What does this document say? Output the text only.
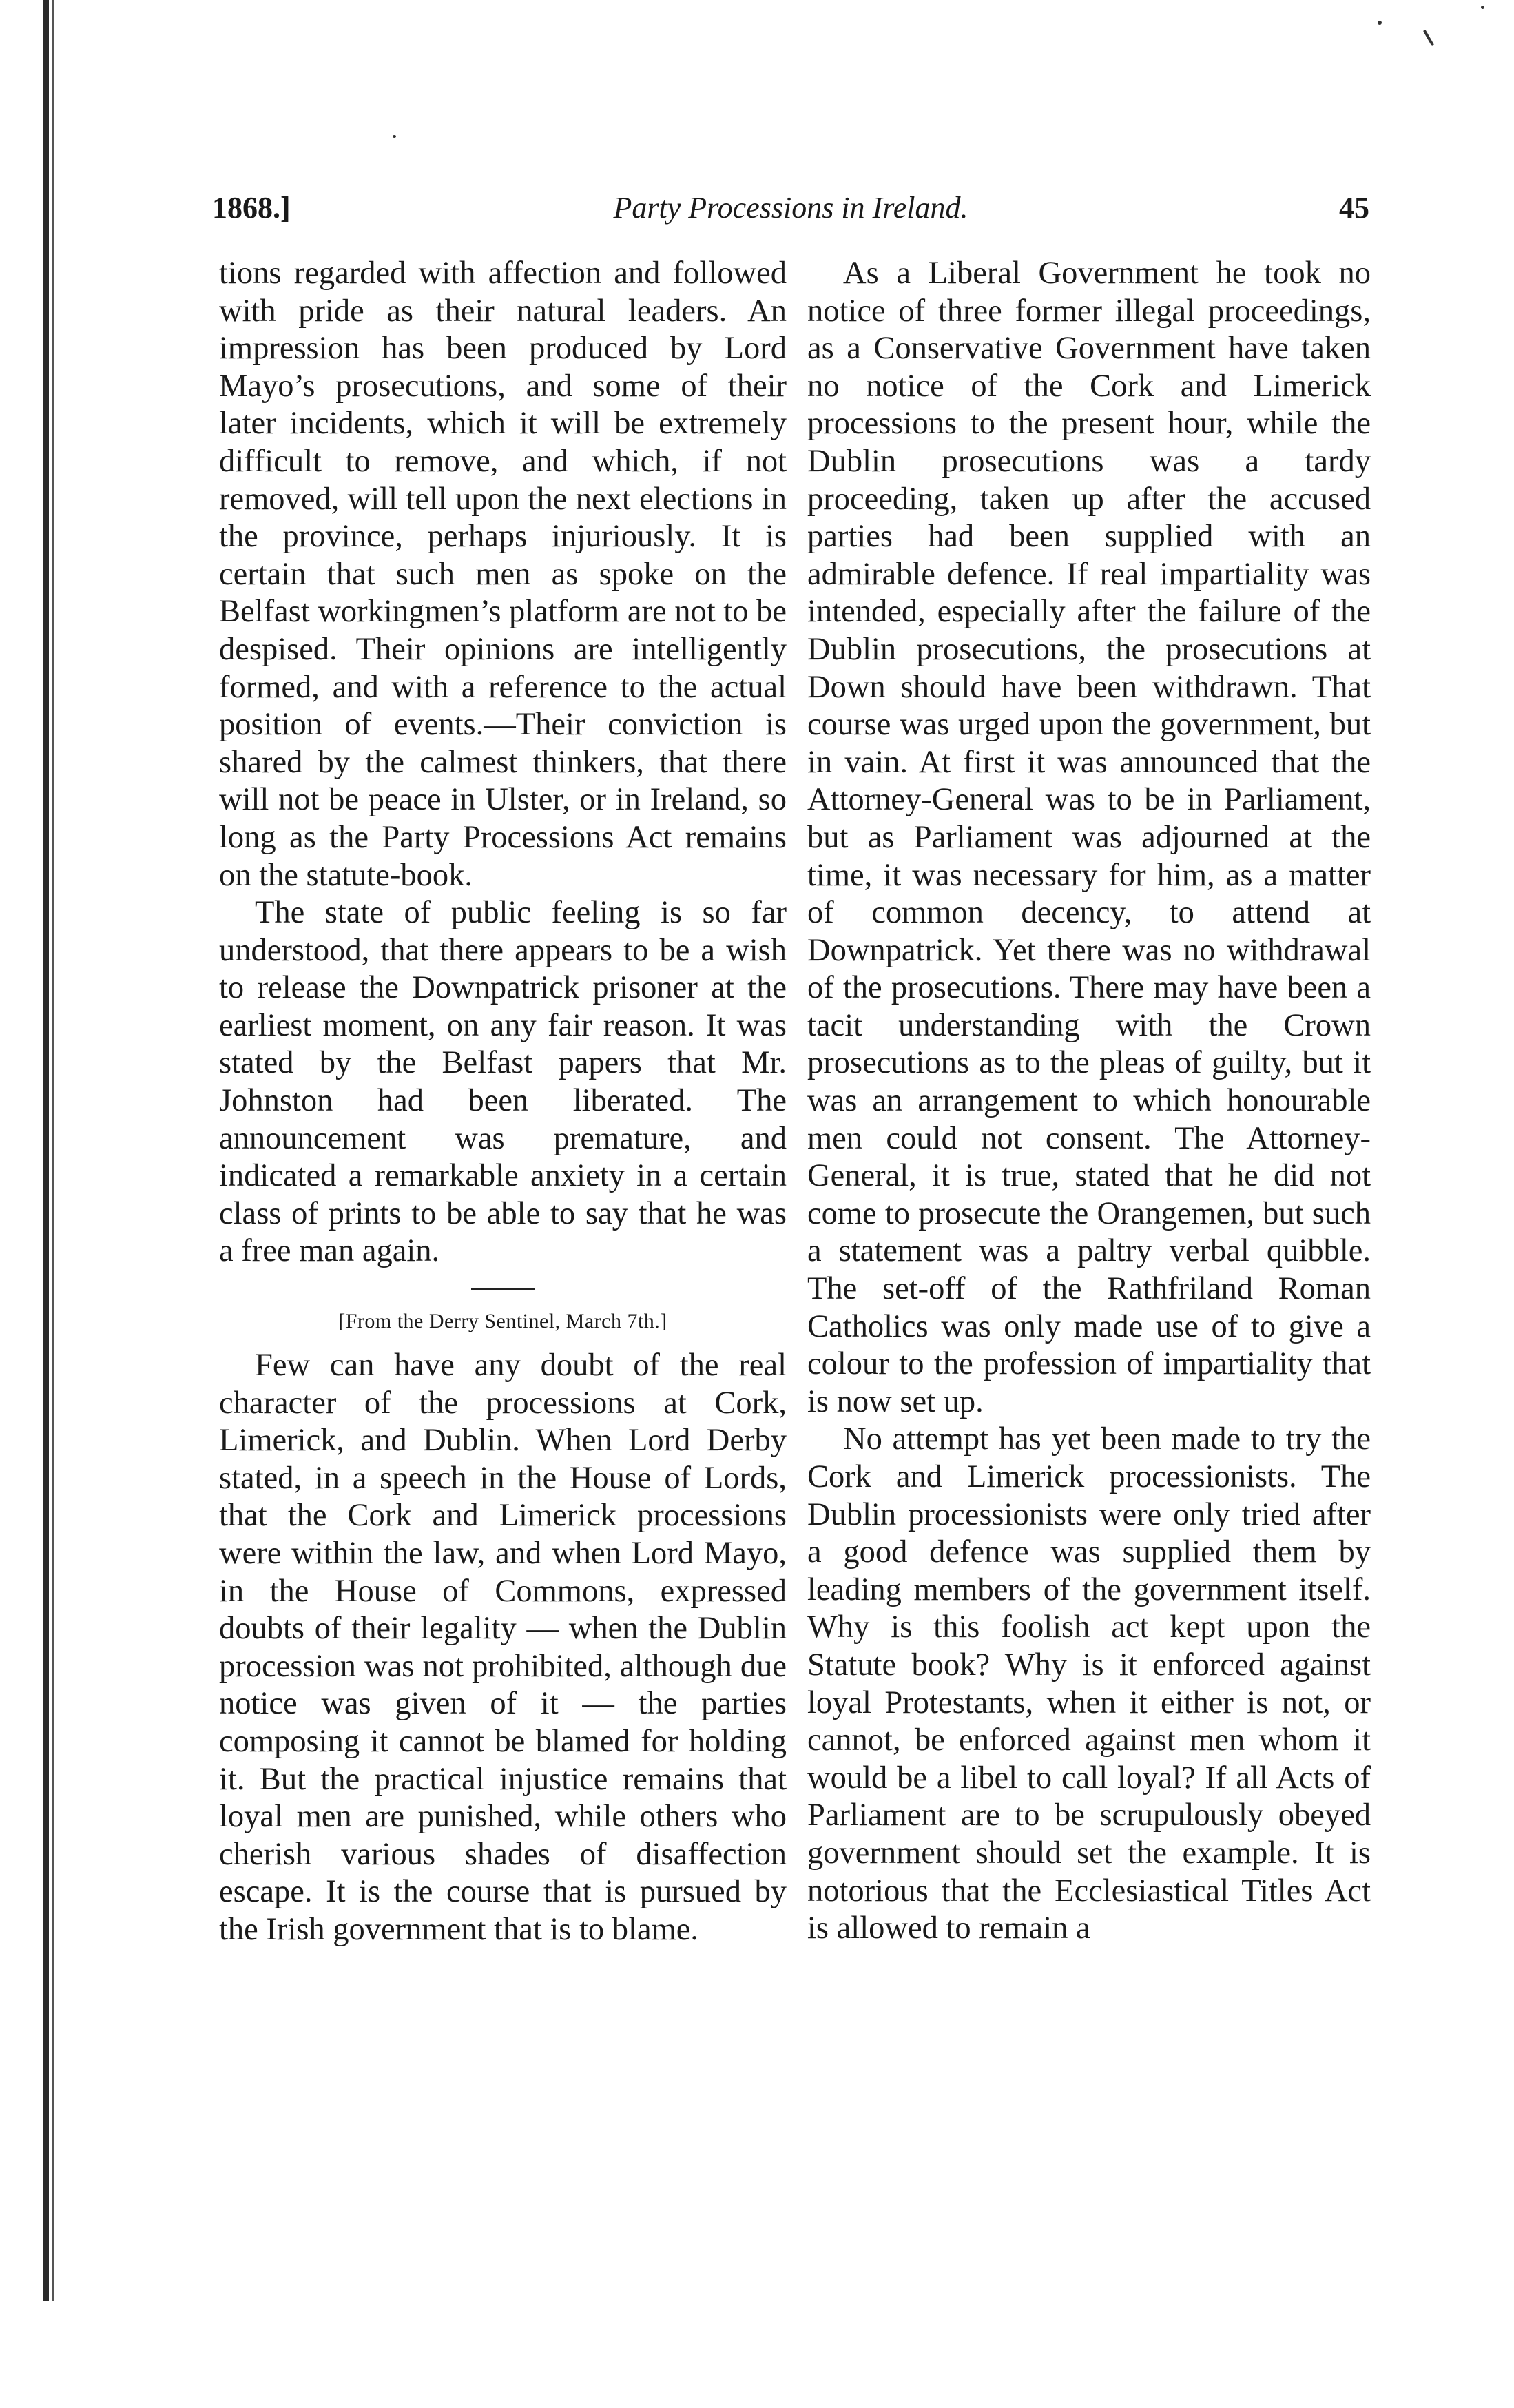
1868.]	Party Processions in Ireland.	45

tions regarded with affection and followed with pride as their natural leaders. An impression has been produced by Lord Mayo’s prosecutions, and some of their later incidents, which it will be extremely difficult to remove, and which, if not removed, will tell upon the next elections in the province, perhaps injuriously. It is certain that such men as spoke on the Belfast workingmen’s platform are not to be despised. Their opinions are intelligently formed, and with a reference to the actual position of events.—Their conviction is shared by the calmest thinkers, that there will not be peace in Ulster, or in Ireland, so long as the Party Processions Act remains on the statute-book.

The state of public feeling is so far understood, that there appears to be a wish to release the Downpatrick prisoner at the earliest moment, on any fair reason. It was stated by the Belfast papers that Mr. Johnston had been liberated. The announcement was premature, and indicated a remarkable anxiety in a certain class of prints to be able to say that he was a free man again.

[From the Derry Sentinel, March 7th.]

Few can have any doubt of the real character of the processions at Cork, Limerick, and Dublin. When Lord Derby stated, in a speech in the House of Lords, that the Cork and Limerick processions were within the law, and when Lord Mayo, in the House of Commons, expressed doubts of their legality — when the Dublin procession was not prohibited, although due notice was given of it — the parties composing it cannot be blamed for holding it. But the practical injustice remains that loyal men are punished, while others who cherish various shades of disaffection escape. It is the course that is pursued by the Irish government that is to blame.

As a Liberal Government he took no notice of three former illegal proceedings, as a Conservative Government have taken no notice of the Cork and Limerick processions to the present hour, while the Dublin prosecutions was a tardy proceeding, taken up after the accused parties had been supplied with an admirable defence. If real impartiality was intended, especially after the failure of the Dublin prosecutions, the prosecutions at Down should have been withdrawn. That course was urged upon the government, but in vain. At first it was announced that the Attorney-General was to be in Parliament, but as Parliament was adjourned at the time, it was necessary for him, as a matter of common decency, to attend at Downpatrick. Yet there was no withdrawal of the prosecutions. There may have been a tacit understanding with the Crown prosecutions as to the pleas of guilty, but it was an arrangement to which honourable men could not consent. The Attorney-General, it is true, stated that he did not come to prosecute the Orangemen, but such a statement was a paltry verbal quibble. The set-off of the Rathfriland Roman Catholics was only made use of to give a colour to the profession of impartiality that is now set up.

No attempt has yet been made to try the Cork and Limerick processionists. The Dublin processionists were only tried after a good defence was supplied them by leading members of the government itself. Why is this foolish act kept upon the Statute book? Why is it enforced against loyal Protestants, when it either is not, or cannot, be enforced against men whom it would be a libel to call loyal? If all Acts of Parliament are to be scrupulously obeyed government should set the example. It is notorious that the Ecclesiastical Titles Act is allowed to remain a
